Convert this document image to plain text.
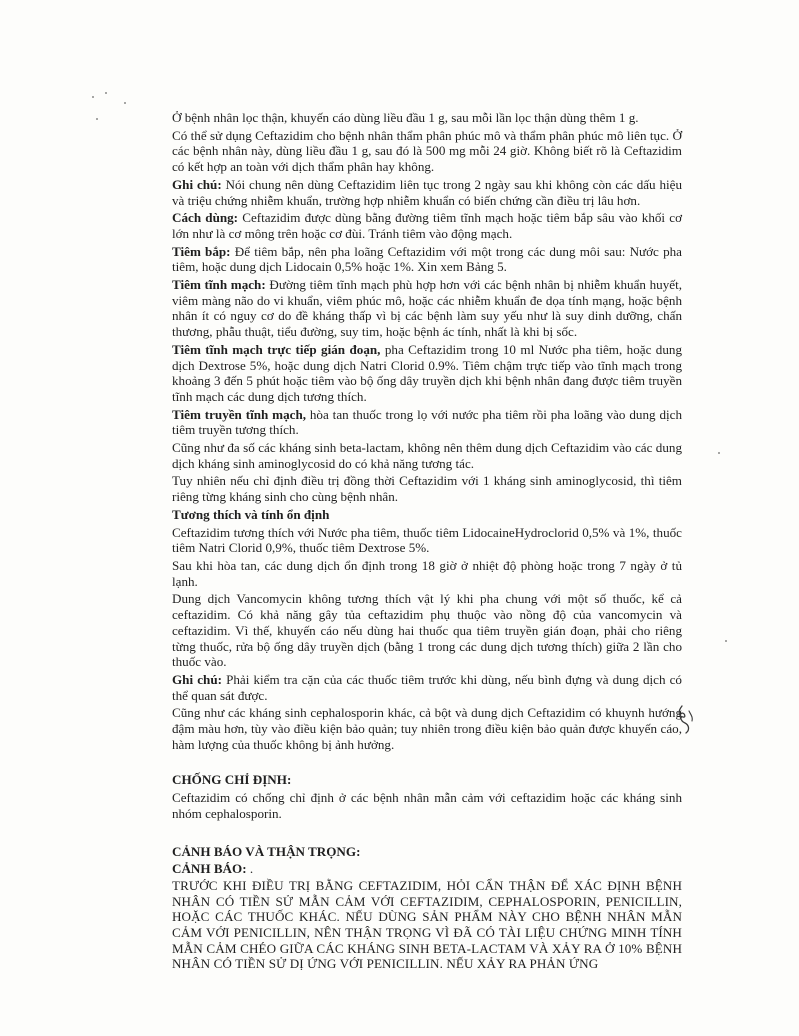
Ở bệnh nhân lọc thận, khuyến cáo dùng liều đầu 1 g, sau mỗi lần lọc thận dùng thêm 1 g.

Có thể sử dụng Ceftazidim cho bệnh nhân thẩm phân phúc mô và thẩm phân phúc mô liên tục. Ở các bệnh nhân này, dùng liều đầu 1 g, sau đó là 500 mg mỗi 24 giờ. Không biết rõ là Ceftazidim có kết hợp an toàn với dịch thẩm phân hay không.

Ghi chú: Nói chung nên dùng Ceftazidim liên tục trong 2 ngày sau khi không còn các dấu hiệu và triệu chứng nhiễm khuẩn, trường hợp nhiễm khuẩn có biến chứng cần điều trị lâu hơn.

Cách dùng: Ceftazidim được dùng bằng đường tiêm tĩnh mạch hoặc tiêm bắp sâu vào khối cơ lớn như là cơ mông trên hoặc cơ đùi. Tránh tiêm vào động mạch.

Tiêm bắp: Để tiêm bắp, nên pha loãng Ceftazidim với một trong các dung môi sau: Nước pha tiêm, hoặc dung dịch Lidocain 0,5% hoặc 1%. Xin xem Bảng 5.

Tiêm tĩnh mạch: Đường tiêm tĩnh mạch phù hợp hơn với các bệnh nhân bị nhiễm khuẩn huyết, viêm màng não do vi khuẩn, viêm phúc mô, hoặc các nhiễm khuẩn đe dọa tính mạng, hoặc bệnh nhân ít có nguy cơ do đề kháng thấp vì bị các bệnh làm suy yếu như là suy dinh dưỡng, chấn thương, phẫu thuật, tiểu đường, suy tim, hoặc bệnh ác tính, nhất là khi bị sốc.

Tiêm tĩnh mạch trực tiếp gián đoạn, pha Ceftazidim trong 10 ml Nước pha tiêm, hoặc dung dịch Dextrose 5%, hoặc dung dịch Natri Clorid 0.9%. Tiêm chậm trực tiếp vào tĩnh mạch trong khoảng 3 đến 5 phút hoặc tiêm vào bộ ống dây truyền dịch khi bệnh nhân đang được tiêm truyền tĩnh mạch các dung dịch tương thích.

Tiêm truyền tĩnh mạch, hòa tan thuốc trong lọ với nước pha tiêm rồi pha loãng vào dung dịch tiêm truyền tương thích.

Cũng như đa số các kháng sinh beta-lactam, không nên thêm dung dịch Ceftazidim vào các dung dịch kháng sinh aminoglycosid do có khả năng tương tác.

Tuy nhiên nếu chỉ định điều trị đồng thời Ceftazidim với 1 kháng sinh aminoglycosid, thì tiêm riêng từng kháng sinh cho cùng bệnh nhân.

Tương thích và tính ổn định

Ceftazidim tương thích với Nước pha tiêm, thuốc tiêm LidocaineHydroclorid 0,5% và 1%, thuốc tiêm Natri Clorid 0,9%, thuốc tiêm Dextrose 5%.

Sau khi hòa tan, các dung dịch ổn định trong 18 giờ ở nhiệt độ phòng hoặc trong 7 ngày ở tủ lạnh.

Dung dịch Vancomycin không tương thích vật lý khi pha chung với một số thuốc, kể cả ceftazidim. Có khả năng gây tủa ceftazidim phụ thuộc vào nồng độ của vancomycin và ceftazidim. Vì thế, khuyến cáo nếu dùng hai thuốc qua tiêm truyền gián đoạn, phải cho riêng từng thuốc, rửa bộ ống dây truyền dịch (bằng 1 trong các dung dịch tương thích) giữa 2 lần cho thuốc vào.

Ghi chú: Phải kiểm tra cặn của các thuốc tiêm trước khi dùng, nếu bình đựng và dung dịch có thể quan sát được.

Cũng như các kháng sinh cephalosporin khác, cả bột và dung dịch Ceftazidim có khuynh hướng đậm màu hơn, tùy vào điều kiện bảo quản; tuy nhiên trong điều kiện bảo quản được khuyến cáo, hàm lượng của thuốc không bị ảnh hưởng.

CHỐNG CHỈ ĐỊNH:

Ceftazidim có chống chỉ định ở các bệnh nhân mẫn cảm với ceftazidim hoặc các kháng sinh nhóm cephalosporin.

CẢNH BÁO VÀ THẬN TRỌNG:

CẢNH BÁO: .

TRƯỚC KHI ĐIỀU TRỊ BẰNG CEFTAZIDIM, HỎI CẨN THẬN ĐỂ XÁC ĐỊNH BỆNH NHÂN CÓ TIỀN SỬ MẪN CẢM VỚI CEFTAZIDIM, CEPHALOSPORIN, PENICILLIN, HOẶC CÁC THUỐC KHÁC. NẾU DÙNG SẢN PHẨM NÀY CHO BỆNH NHÂN MẪN CẢM VỚI PENICILLIN, NÊN THẬN TRỌNG VÌ ĐÃ CÓ TÀI LIỆU CHỨNG MINH TÍNH MẪN CẢM CHÉO GIỮA CÁC KHÁNG SINH BETA-LACTAM VÀ XẢY RA Ở 10% BỆNH NHÂN CÓ TIỀN SỬ DỊ ỨNG VỚI PENICILLIN. NẾU XẢY RA PHẢN ỨNG
